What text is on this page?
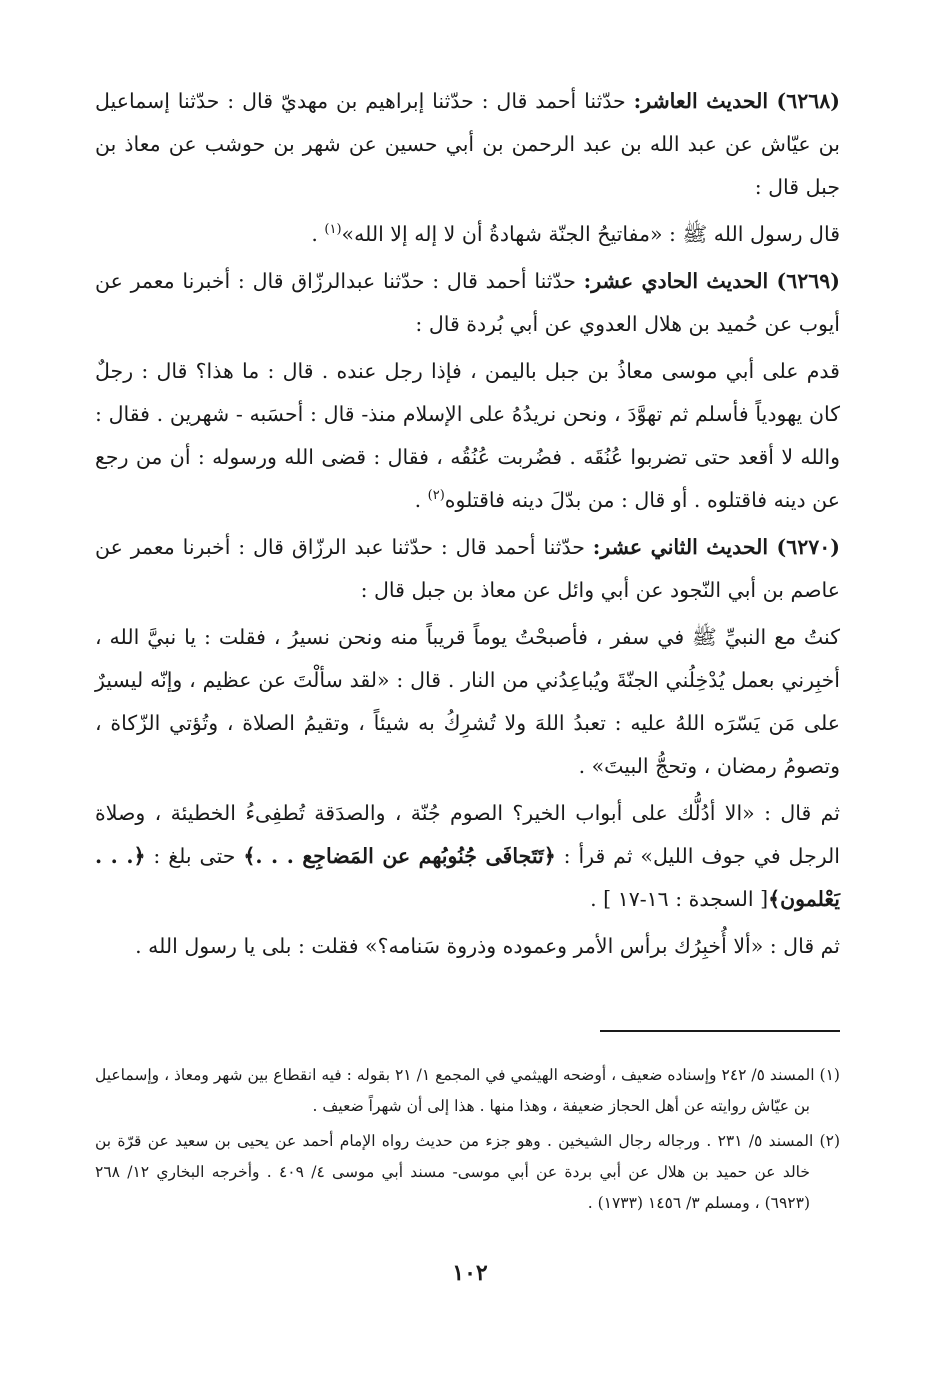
(٦٢٦٨) الحديث العاشر: حدّثنا أحمد قال : حدّثنا إبراهيم بن مهديّ قال : حدّثنا إسماعيل بن عيّاش عن عبد الله بن عبد الرحمن بن أبي حسين عن شهر بن حوشب عن معاذ بن جبل قال :

قال رسول الله ﷺ : «مفاتيحُ الجنّة شهادةُ أن لا إله إلا الله»$^{(١)}$ .

(٦٢٦٩) الحديث الحادي عشر: حدّثنا أحمد قال : حدّثنا عبدالرزّاق قال : أخبرنا معمر عن أيوب عن حُميد بن هلال العدوي عن أبي بُردة قال :

قدم على أبي موسى معاذُ بن جبل باليمن ، فإذا رجل عنده . قال : ما هذا؟ قال : رجلٌ كان يهودياً فأسلم ثم تهوَّدَ ، ونحن نريدُهُ على الإسلام منذ- قال : أحسَبه - شهرين . فقال : والله لا أقعد حتى تضربوا عُنُقَه . فضُربت عُنُقُه ، فقال : قضى الله ورسوله : أن من رجع عن دينه فاقتلوه . أو قال : من بدّلَ دينه فاقتلوه$^{(٢)}$ .

(٦٢٧٠) الحديث الثاني عشر: حدّثنا أحمد قال : حدّثنا عبد الرزّاق قال : أخبرنا معمر عن عاصم بن أبي النّجود عن أبي وائل عن معاذ بن جبل قال :

كنتُ مع النبيِّ ﷺ في سفر ، فأصبحْتُ يوماً قريباً منه ونحن نسيرُ ، فقلت : يا نبيَّ الله ، أخبِرني بعمل يُدْخِلُني الجنّةَ ويُباعِدُني من النار . قال : «لقد سألْتَ عن عظيم ، وإنّه ليسيرٌ على مَن يَسّرَه اللهُ عليه : تعبدُ اللهَ ولا تُشرِكُ به شيئاً ، وتقيمُ الصلاة ، وتُؤتي الزّكاة ، وتصومُ رمضان ، وتحجُّ البيتَ» .

ثم قال : «الا أدُلُّك على أبواب الخير؟ الصوم جُنّة ، والصدَقة تُطفِىءُ الخطيئة ، وصلاة الرجل في جوف الليل» ثم قرأ : ﴿تَتَجافَى جُنُوبُهم عن المَضاجِع . . .﴾ حتى بلغ : ﴿. . . يَعْلمون﴾[ السجدة : ١٦-١٧ ] .

ثم قال : «ألا أُخبِرُك برأس الأمر وعموده وذروة سَنامه؟» فقلت : بلى يا رسول الله .

(١) المسند ٥/ ٢٤٢ وإسناده ضعيف ، أوضحه الهيثمي في المجمع ١/ ٢١ بقوله : فيه انقطاع بين شهر ومعاذ ، وإسماعيل بن عيّاش روايته عن أهل الحجاز ضعيفة ، وهذا منها . هذا إلى أن شهراً ضعيف .

(٢) المسند ٥/ ٢٣١ . ورجاله رجال الشيخين . وهو جزء من حديث رواه الإمام أحمد عن يحيى بن سعيد عن قرّة بن خالد عن حميد بن هلال عن أبي بردة عن أبي موسى- مسند أبي موسى ٤/ ٤٠٩ . وأخرجه البخاري ١٢/ ٢٦٨ (٦٩٢٣) ، ومسلم ٣/ ١٤٥٦ (١٧٣٣) .

١٠٢
